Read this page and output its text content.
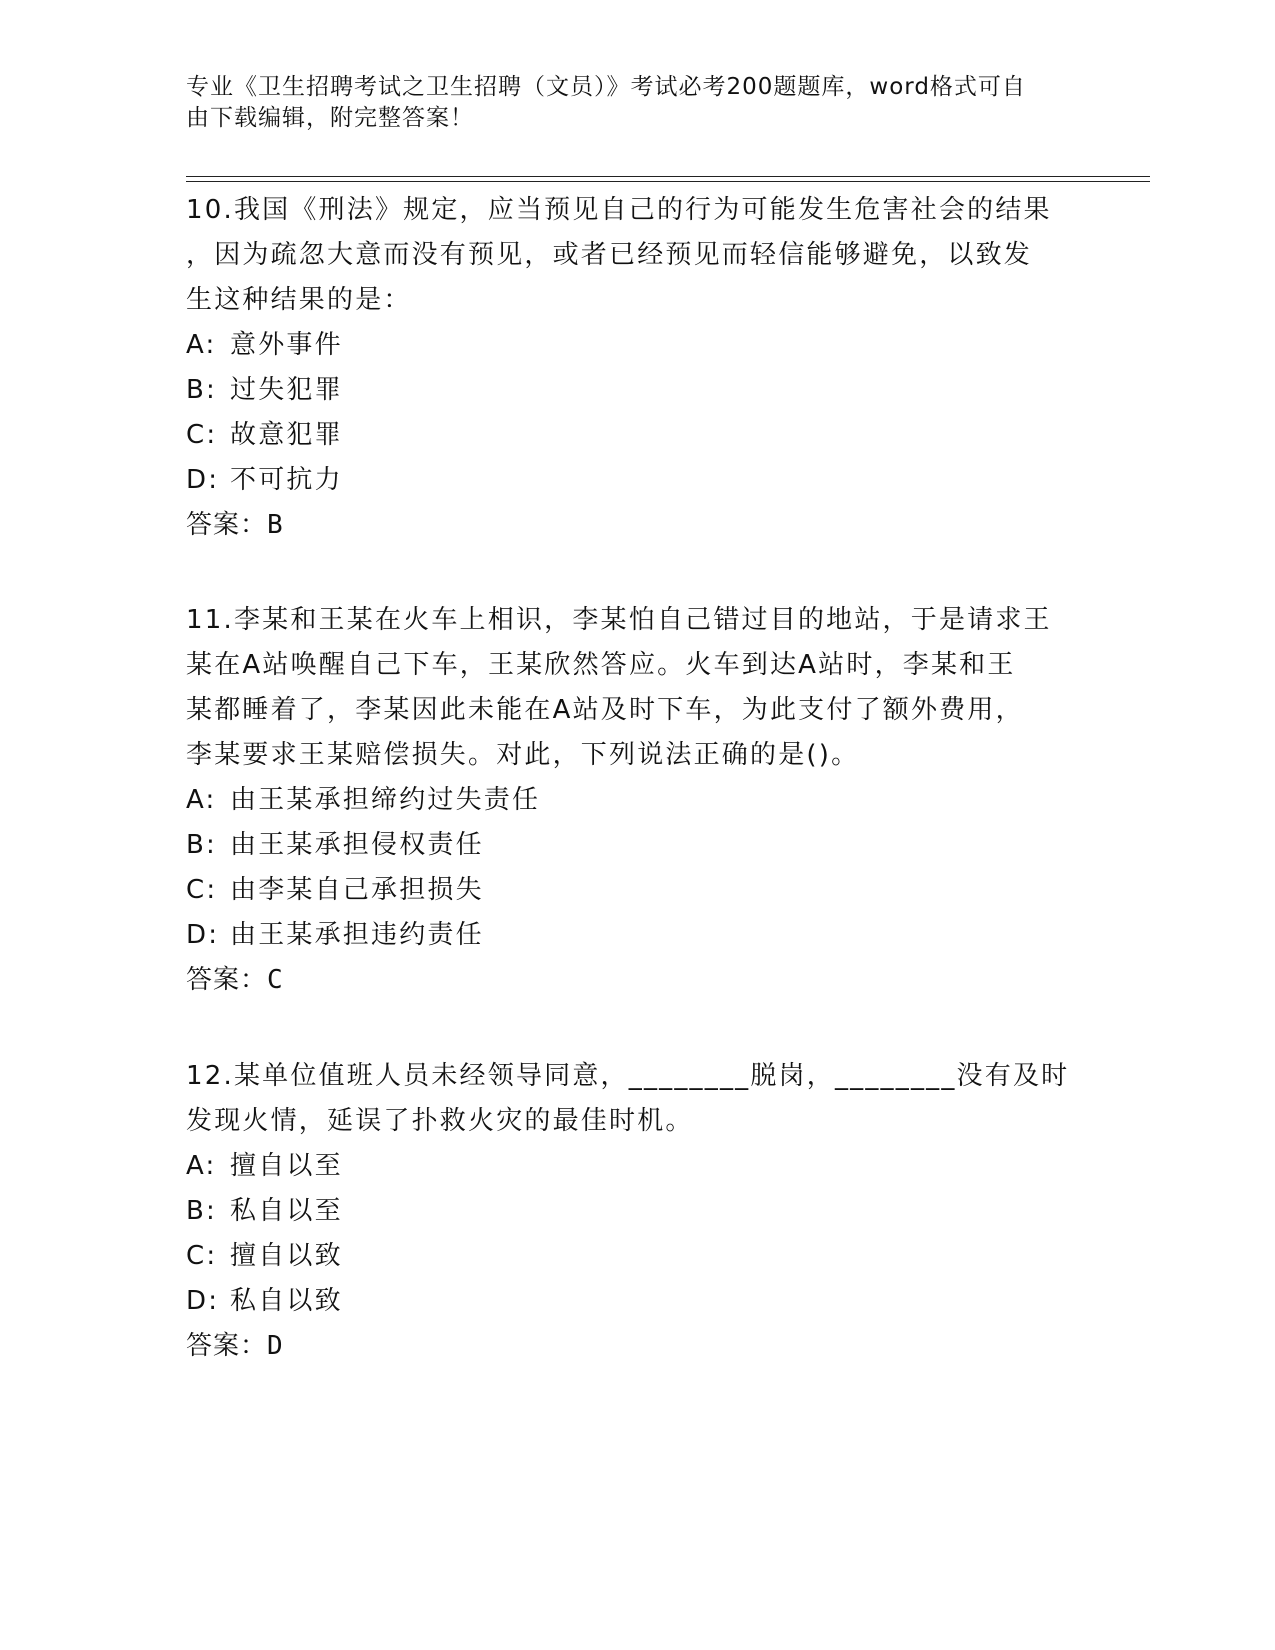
专业《卫生招聘考试之卫生招聘（文员）》考试必考200题题库，word格式可自
由下载编辑，附完整答案！

10.我国《刑法》规定，应当预见自己的行为可能发生危害社会的结果

，因为疏忽大意而没有预见，或者已经预见而轻信能够避免，以致发

生这种结果的是：

A: 意外事件

B: 过失犯罪

C: 故意犯罪

D: 不可抗力

答案：B

11.李某和王某在火车上相识，李某怕自己错过目的地站，于是请求王

某在A站唤醒自己下车，王某欣然答应。火车到达A站时，李某和王

某都睡着了，李某因此未能在A站及时下车，为此支付了额外费用，

李某要求王某赔偿损失。对此，下列说法正确的是()。

A: 由王某承担缔约过失责任

B: 由王某承担侵权责任

C: 由李某自己承担损失

D: 由王某承担违约责任

答案：C

12.某单位值班人员未经领导同意，________脱岗，________没有及时

发现火情，延误了扑救火灾的最佳时机。

A: 擅自以至

B: 私自以至

C: 擅自以致

D: 私自以致

答案：D
